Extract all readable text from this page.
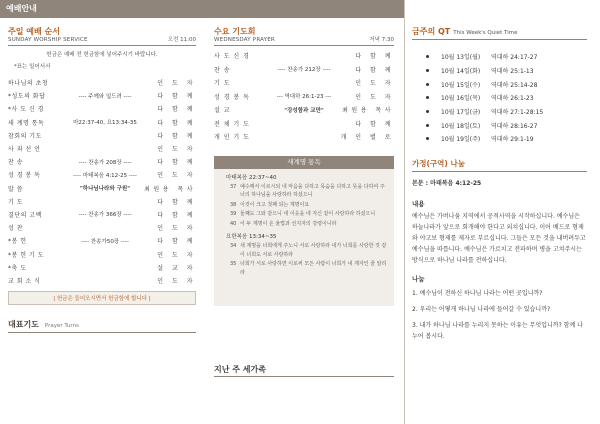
예배안내
주일 예배 순서
SUNDAY WORSHIP SERVICE	오전 11:00
헌금은 예배 전 헌금함에 넣어주시기 바랍니다.
*표는 일어서서
하나님의 초청	인 도 자
*성도의 화답	---- 주께와 엎드려 ----	다 함 께
*사 도 신 경	다 함 께
새 계명 통독	마22:37-40, 요13:34-35	다 함 께
참회의 기도	다 함 께
사 죄 선 언	인 도 자
찬 송	---- 찬송가 208장 ----	다 함 께
성 경 봉 독	---- 마태복음 4:12-25 ----	인 도 자
말 씀	"하나님나라와 구원"	최원용 목사
기 도	다 함 께
결단의 고백	---- 찬송가 366장 ----	다 함 께
성 찬	인 도 자
*봉 헌	---- 찬송가50장 ----	다 함 께
*봉 헌 기 도	인 도 자
*축 도	설 교 자
교 회 소 식	인 도 자
| 헌금은 들어오시면서 헌금함에 합니다 |
대표기도 Prayer Turns
수요 기도회
WEDNESDAY PRAYER	저녁 7:30
사 도 신 경	다 함 께
찬 송	---- 찬송가 212장 ----	다 함 께
기 도	인 도 자
성 경 봉 독	--- 역대하 26:1-23 ---	인 도 자
설 교	"강성함과 교만"	최원용 목사
전 체 기 도	다 함 께
개 인 기 도	개 인 별 로
새계명 통독
마태복음 22:37~40
37 예수께서 이르시되 네 마음을 다하고 목숨을 다하고 뜻을 다하여 주 너의 하나님을 사랑하라 하셨으니
38 이것이 크고 첫째 되는 계명이요
39 둘째도 그와 같으니 네 이웃을 네 자신 같이 사랑하라 하셨으니
40 이 두 계명이 온 율법과 선지자의 강령이니라
요한복음 13:34~35
34 새 계명을 너희에게 주노니 서로 사랑하라 내가 너희를 사랑한 것 같이 너희도 서로 사랑하라
35 너희가 서로 사랑하면 이로써 모든 사람이 너희가 내 제자인 줄 알리라
지난 주 세가족
금주의 QT This Week's Quiet Time
10월 13일(월)	역대하 24:17-27
10월 14일(화)	역대하 25:1-13
10월 15일(수)	역대하 25:14-28
10월 16일(목)	역대하 26:1-23
10월 17일(금)	역대하 27:1-28:15
10월 18일(토)	역대하 28:16-27
10월 19일(주)	역대하 29:1-19
가정(구역) 나눔
본문 : 마태복음 4:12-25
내용
예수님은 가버나움 지역에서 공적사역을 시작하십니다. 예수님은 하늘나라가 앞으로 회개해야 한다고 외치십니다. 이어 베드로 형제와 야고보 형제를 제자로 부르십니다. 그들은 모든 것을 내버려두고 예수님을 따릅니다. 예수님은 가르치고 전파하며 병을 고쳐주시는 방식으로 하나님 나라를 전하십니다.
나눔
1. 예수님이 전하신 하나님 나라는 어떤 곳입니까?
2. 우리는 어떻게 하나님 나라에 들어갈 수 있습니까?
3. 내가 하나님 나라를 누리지 못하는 이유는 무엇입니까? 함께 나누어 봅시다.
